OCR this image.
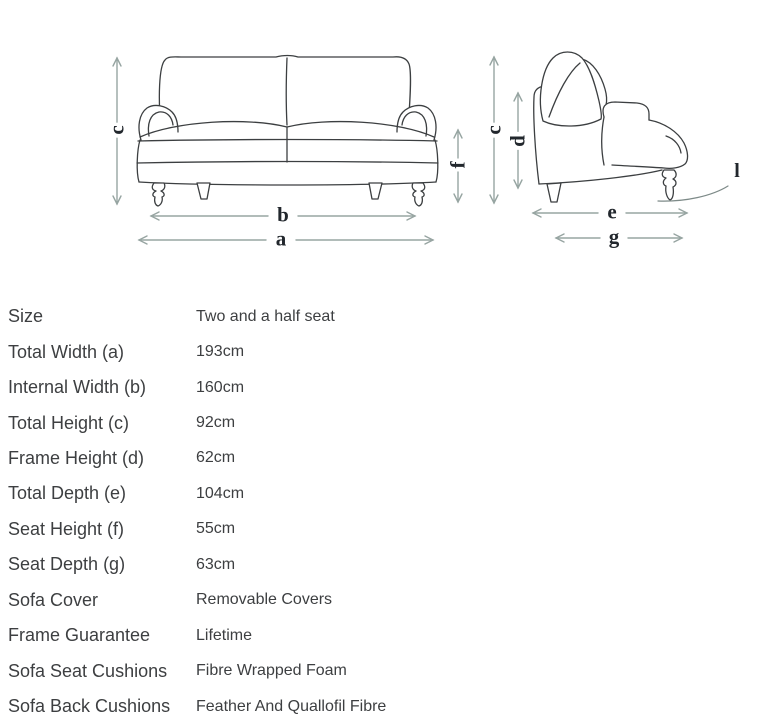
c
f
b
a
c
d
e
g
l
Size	Two and a half seat
Total Width (a)	193cm
Internal Width (b)	160cm
Total Height (c)	92cm
Frame Height (d)	62cm
Total Depth (e)	104cm
Seat Height (f)	55cm
Seat Depth (g)	63cm
Sofa Cover	Removable Covers
Frame Guarantee	Lifetime
Sofa Seat Cushions	Fibre Wrapped Foam
Sofa Back Cushions	Feather And Quallofil Fibre
